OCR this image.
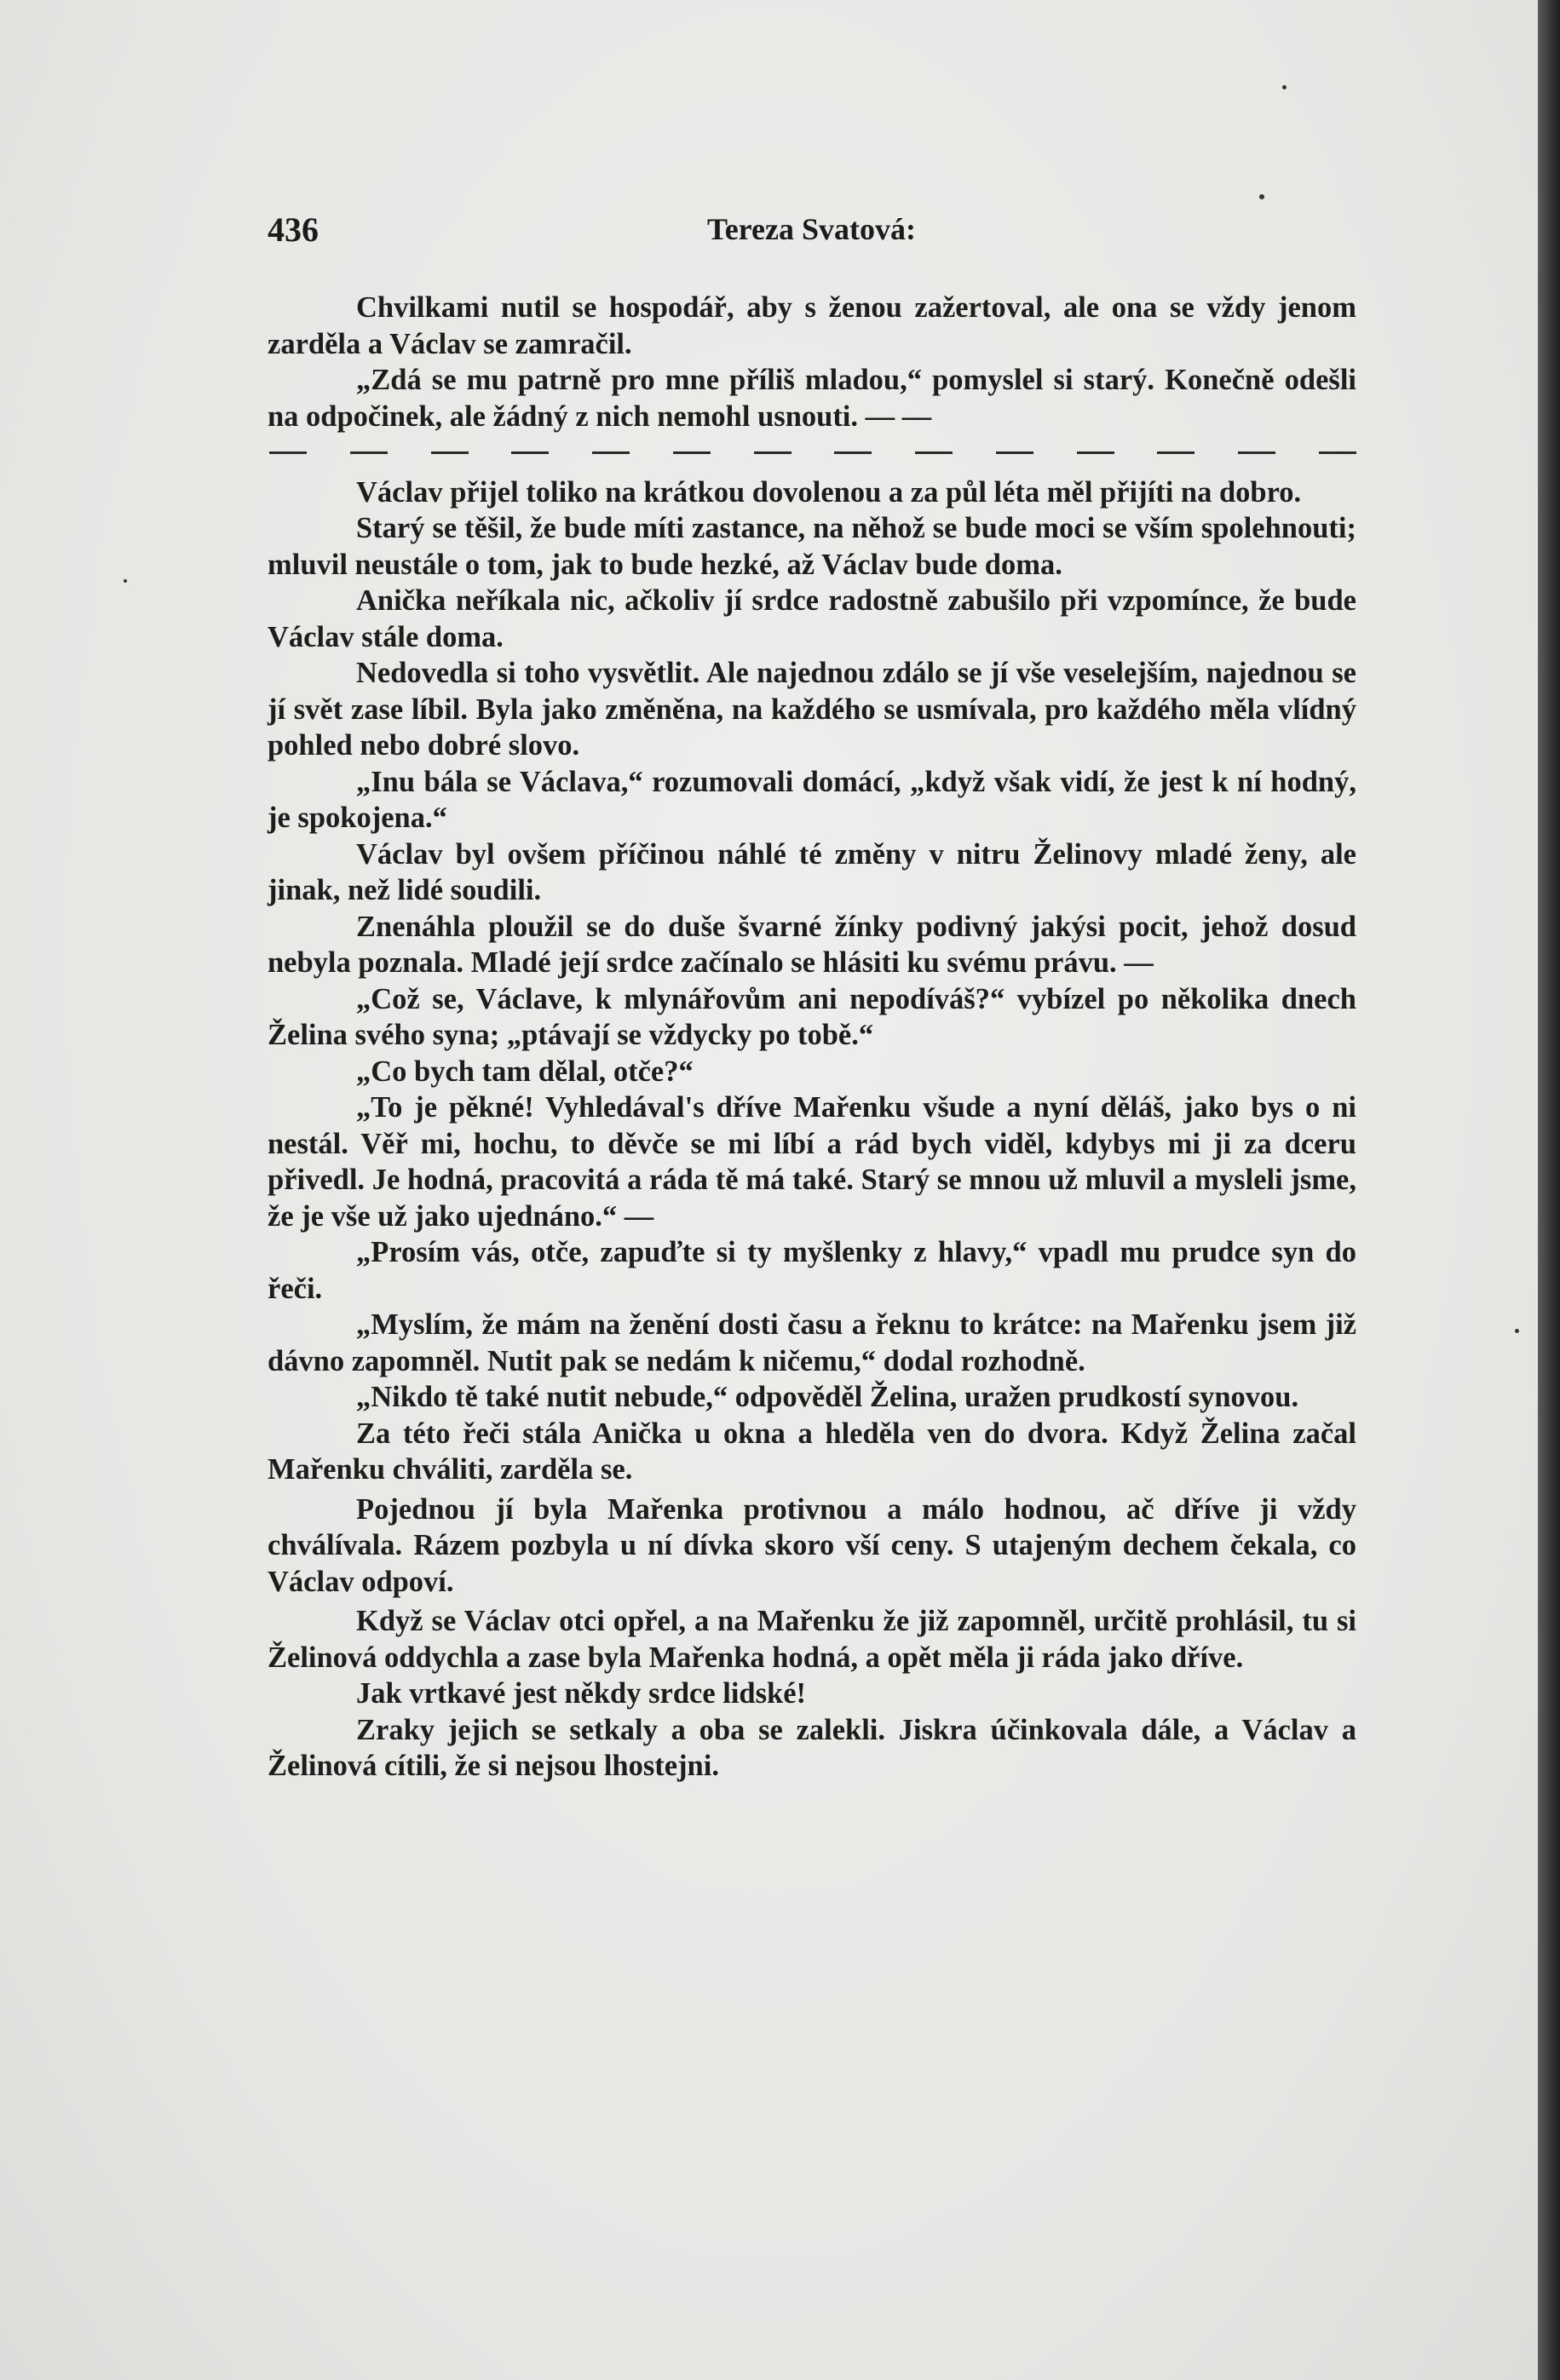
436	Tereza Svatová:

Chvilkami nutil se hospodář, aby s ženou zažertoval, ale ona se vždy jenom zarděla a Václav se zamračil.

„Zdá se mu patrně pro mne příliš mladou,“ pomyslel si starý. Konečně odešli na odpočinek, ale žádný z nich nemohl usnouti. — —

Václav přijel toliko na krátkou dovolenou a za půl léta měl přijíti na dobro.

Starý se těšil, že bude míti zastance, na něhož se bude moci se vším spolehnouti; mluvil neustále o tom, jak to bude hezké, až Václav bude doma.

Anička neříkala nic, ačkoliv jí srdce radostně zabušilo při vzpomínce, že bude Václav stále doma.

Nedovedla si toho vysvětlit. Ale najednou zdálo se jí vše veselejším, najednou se jí svět zase líbil. Byla jako změněna, na každého se usmívala, pro každého měla vlídný pohled nebo dobré slovo.

„Inu bála se Václava,“ rozumovali domácí, „když však vidí, že jest k ní hodný, je spokojena.“

Václav byl ovšem příčinou náhlé té změny v nitru Želinovy mladé ženy, ale jinak, než lidé soudili.

Znenáhla ploužil se do duše švarné žínky podivný jakýsi pocit, jehož dosud nebyla poznala. Mladé její srdce začínalo se hlásiti ku svému právu. —

„Což se, Václave, k mlynářovům ani nepodíváš?“ vybízel po několika dnech Želina svého syna; „ptávají se vždycky po tobě.“

„Co bych tam dělal, otče?“

„To je pěkné! Vyhledával's dříve Mařenku všude a nyní děláš, jako bys o ni nestál. Věř mi, hochu, to děvče se mi líbí a rád bych viděl, kdybys mi ji za dceru přivedl. Je hodná, pracovitá a ráda tě má také. Starý se mnou už mluvil a mysleli jsme, že je vše už jako ujednáno.“ —

„Prosím vás, otče, zapuďte si ty myšlenky z hlavy,“ vpadl mu prudce syn do řeči.

„Myslím, že mám na ženění dosti času a řeknu to krátce: na Mařenku jsem již dávno zapomněl. Nutit pak se nedám k ničemu,“ dodal rozhodně.

„Nikdo tě také nutit nebude,“ odpověděl Želina, uražen prudkostí synovou.

Za této řeči stála Anička u okna a hleděla ven do dvora. Když Želina začal Mařenku chváliti, zarděla se.

Pojednou jí byla Mařenka protivnou a málo hodnou, ač dříve ji vždy chválívala. Rázem pozbyla u ní dívka skoro vší ceny. S utajeným dechem čekala, co Václav odpoví.

Když se Václav otci opřel, a na Mařenku že již zapomněl, určitě prohlásil, tu si Želinová oddychla a zase byla Mařenka hodná, a opět měla ji ráda jako dříve.

Jak vrtkavé jest někdy srdce lidské!

Zraky jejich se setkaly a oba se zalekli. Jiskra účinkovala dále, a Václav a Želinová cítili, že si nejsou lhostejni.
